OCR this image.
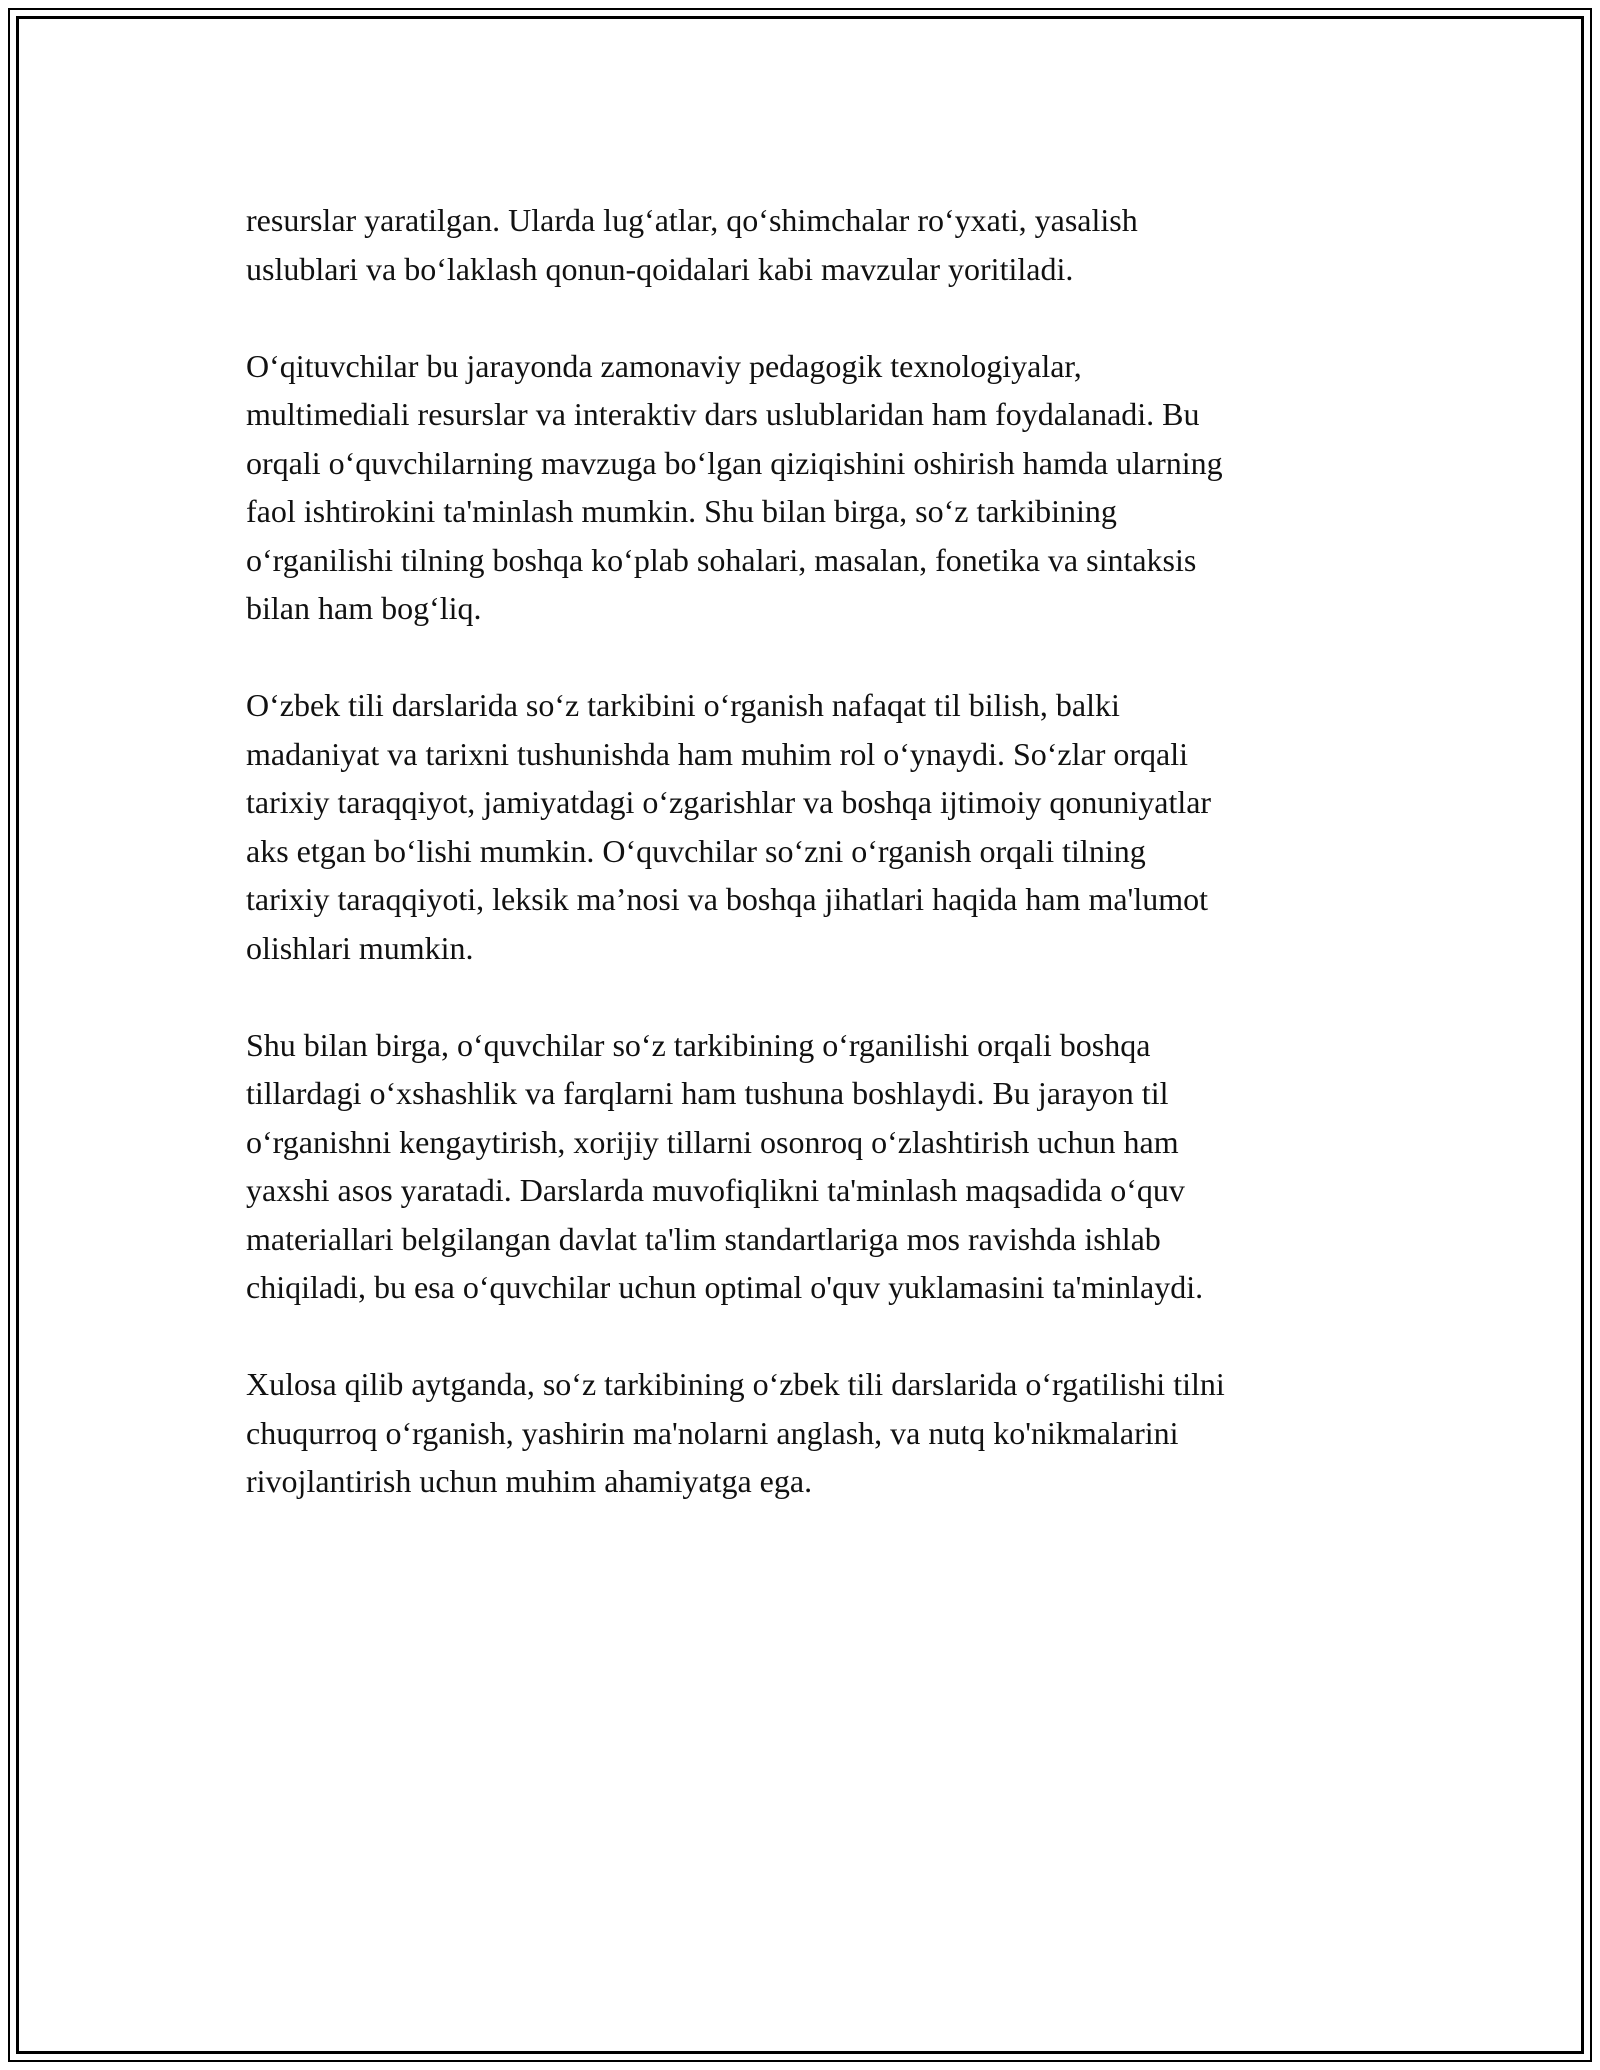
resurslar yaratilgan. Ularda lug‘atlar, qo‘shimchalar ro‘yxati, yasalish
uslublari va bo‘laklash qonun-qoidalari kabi mavzular yoritiladi.
O‘qituvchilar bu jarayonda zamonaviy pedagogik texnologiyalar,
multimediali resurslar va interaktiv dars uslublaridan ham foydalanadi. Bu
orqali o‘quvchilarning mavzuga bo‘lgan qiziqishini oshirish hamda ularning
faol ishtirokini ta'minlash mumkin. Shu bilan birga, so‘z tarkibining
o‘rganilishi tilning boshqa ko‘plab sohalari, masalan, fonetika va sintaksis
bilan ham bog‘liq.
O‘zbek tili darslarida so‘z tarkibini o‘rganish nafaqat til bilish, balki
madaniyat va tarixni tushunishda ham muhim rol o‘ynaydi. So‘zlar orqali
tarixiy taraqqiyot, jamiyatdagi o‘zgarishlar va boshqa ijtimoiy qonuniyatlar
aks etgan bo‘lishi mumkin. O‘quvchilar so‘zni o‘rganish orqali tilning
tarixiy taraqqiyoti, leksik ma’nosi va boshqa jihatlari haqida ham ma'lumot
olishlari mumkin.
Shu bilan birga, o‘quvchilar so‘z tarkibining o‘rganilishi orqali boshqa
tillardagi o‘xshashlik va farqlarni ham tushuna boshlaydi. Bu jarayon til
o‘rganishni kengaytirish, xorijiy tillarni osonroq o‘zlashtirish uchun ham
yaxshi asos yaratadi. Darslarda muvofiqlikni ta'minlash maqsadida o‘quv
materiallari belgilangan davlat ta'lim standartlariga mos ravishda ishlab
chiqiladi, bu esa o‘quvchilar uchun optimal o'quv yuklamasini ta'minlaydi.
Xulosa qilib aytganda, so‘z tarkibining o‘zbek tili darslarida o‘rgatilishi tilni
chuqurroq o‘rganish, yashirin ma'nolarni anglash, va nutq ko'nikmalarini
rivojlantirish uchun muhim ahamiyatga ega.
